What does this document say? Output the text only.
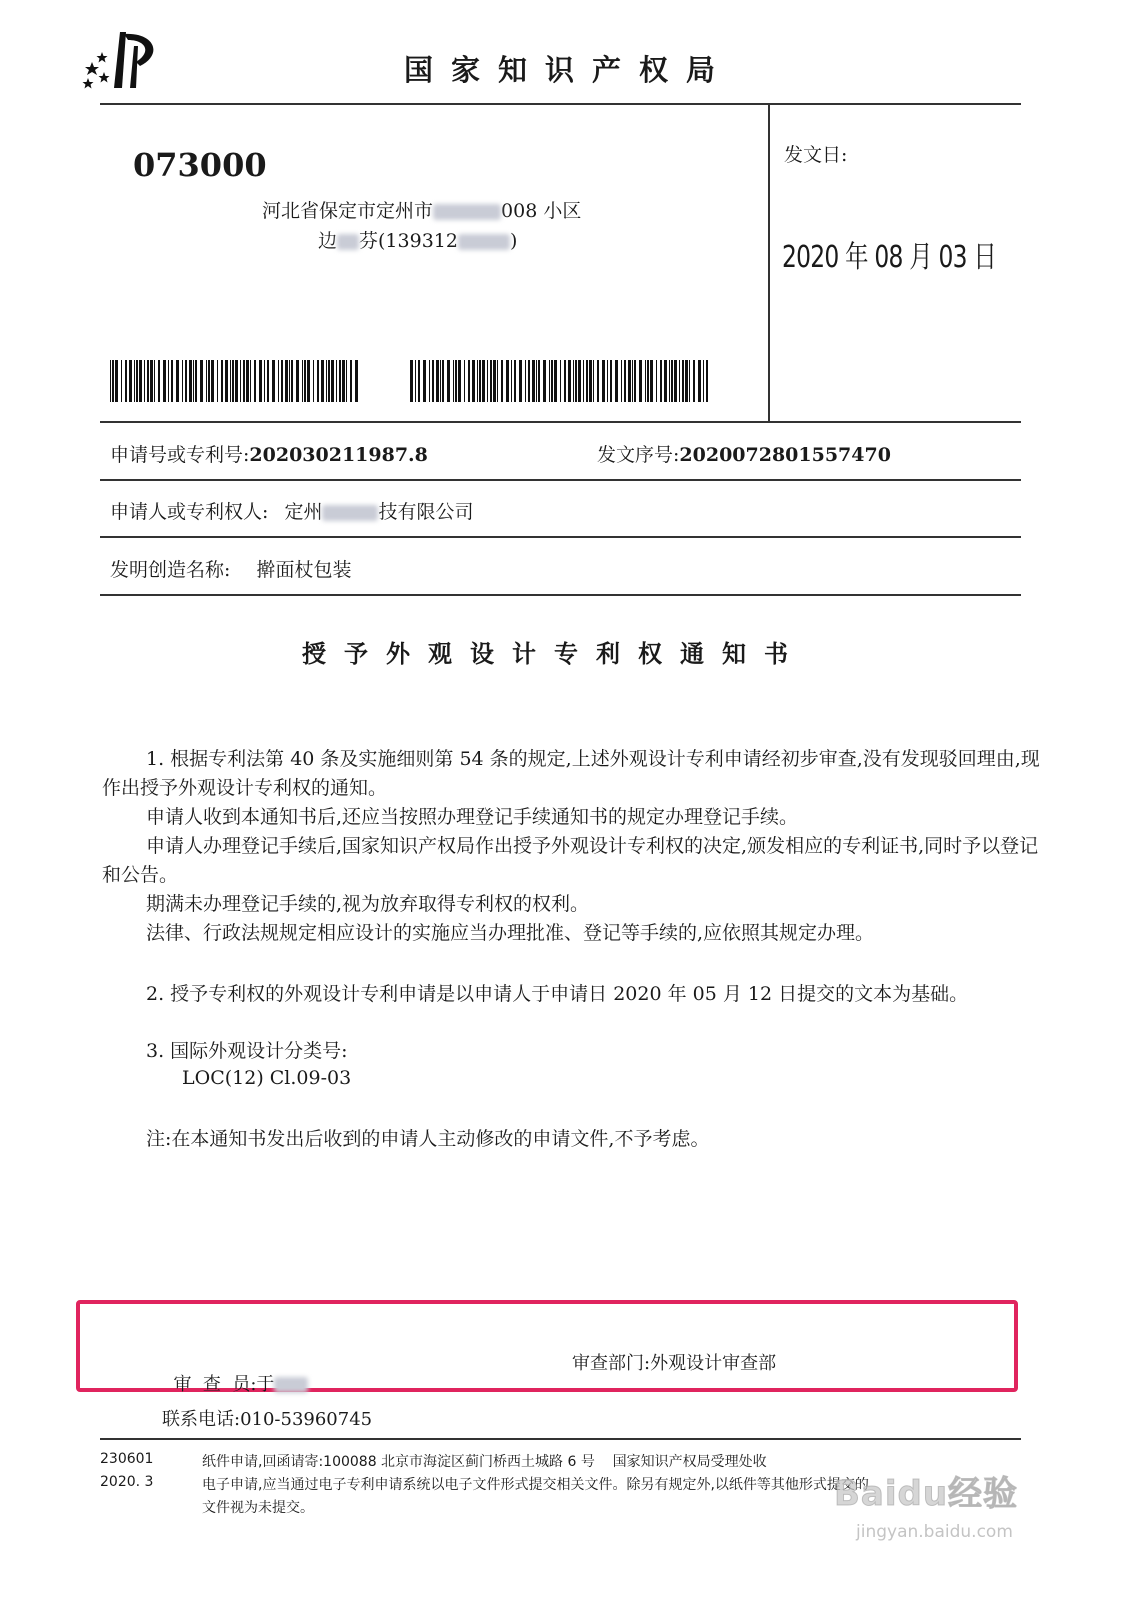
国家知识产权局
073000
河北省保定市定州市	008 小区
边 芬(139312	)
发文日:
2020 年 08 月 03 日
申请号或专利号:202030211987.8	发文序号:2020072801557470
申请人或专利权人: 定州	技有限公司
发明创造名称: 擀面杖包装
授予外观设计专利权通知书

1. 根据专利法第 40 条及实施细则第 54 条的规定,上述外观设计专利申请经初步审查,没有发现驳回理由,现作出授予外观设计专利权的通知。

申请人收到本通知书后,还应当按照办理登记手续通知书的规定办理登记手续。

申请人办理登记手续后,国家知识产权局作出授予外观设计专利权的决定,颁发相应的专利证书,同时予以登记和公告。

期满未办理登记手续的,视为放弃取得专利权的权利。

法律、行政法规规定相应设计的实施应当办理批准、登记等手续的,应依照其规定办理。

2. 授予专利权的外观设计专利申请是以申请人于申请日 2020 年 05 月 12 日提交的文本为基础。

3. 国际外观设计分类号:

LOC(12) Cl.09-03

注:在本通知书发出后收到的申请人主动修改的申请文件,不予考虑。

审  查  员:于

审查部门:外观设计审查部
联系电话:010-53960745
230601
2020. 3
纸件申请,回函请寄:100088 北京市海淀区蓟门桥西土城路 6 号    国家知识产权局受理处收
电子申请,应当通过电子专利申请系统以电子文件形式提交相关文件。除另有规定外,以纸件等其他形式提交的
文件视为未提交。	Baidu经验
jingyan.baidu.com
